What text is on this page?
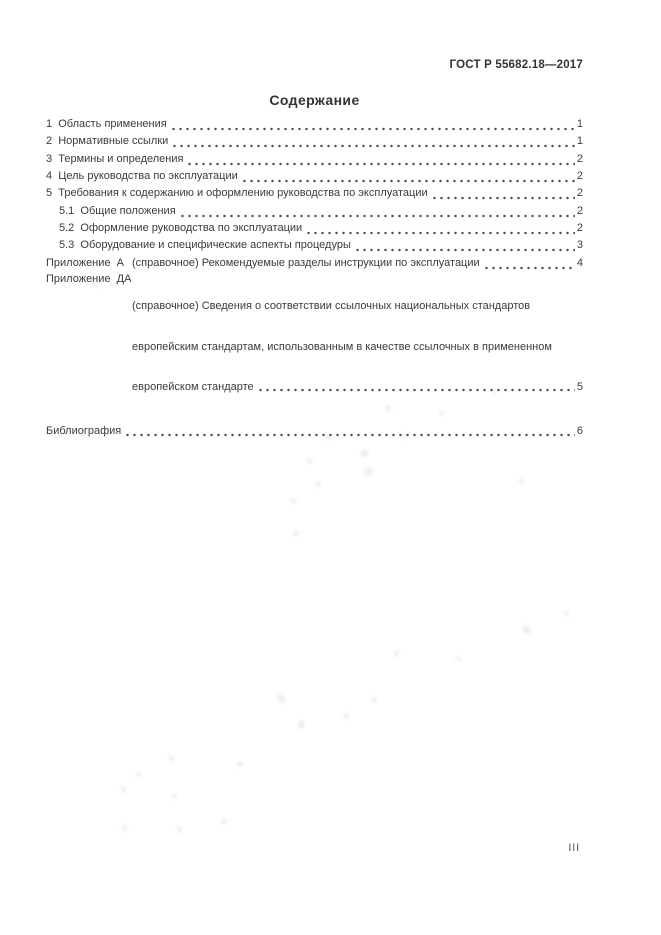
ГОСТ Р 55682.18—2017
Содержание
1  Область применения	1
2  Нормативные ссылки	1
3  Термины и определения	2
4  Цель руководства по эксплуатации	2
5  Требования к содержанию и оформлению руководства по эксплуатации	2
5.1  Общие положения	2
5.2  Оформление руководства по эксплуатации	2
5.3  Оборудование и специфические аспекты процедуры	3
Приложение  А (справочное) Рекомендуемые разделы инструкции по эксплуатации	4
Приложение  ДА

(справочное) Сведения о соответствии ссылочных национальных стандартов

европейским стандартам, использованным в качестве ссылочных в примененном

европейском стандарте	5

Библиография	6
III
